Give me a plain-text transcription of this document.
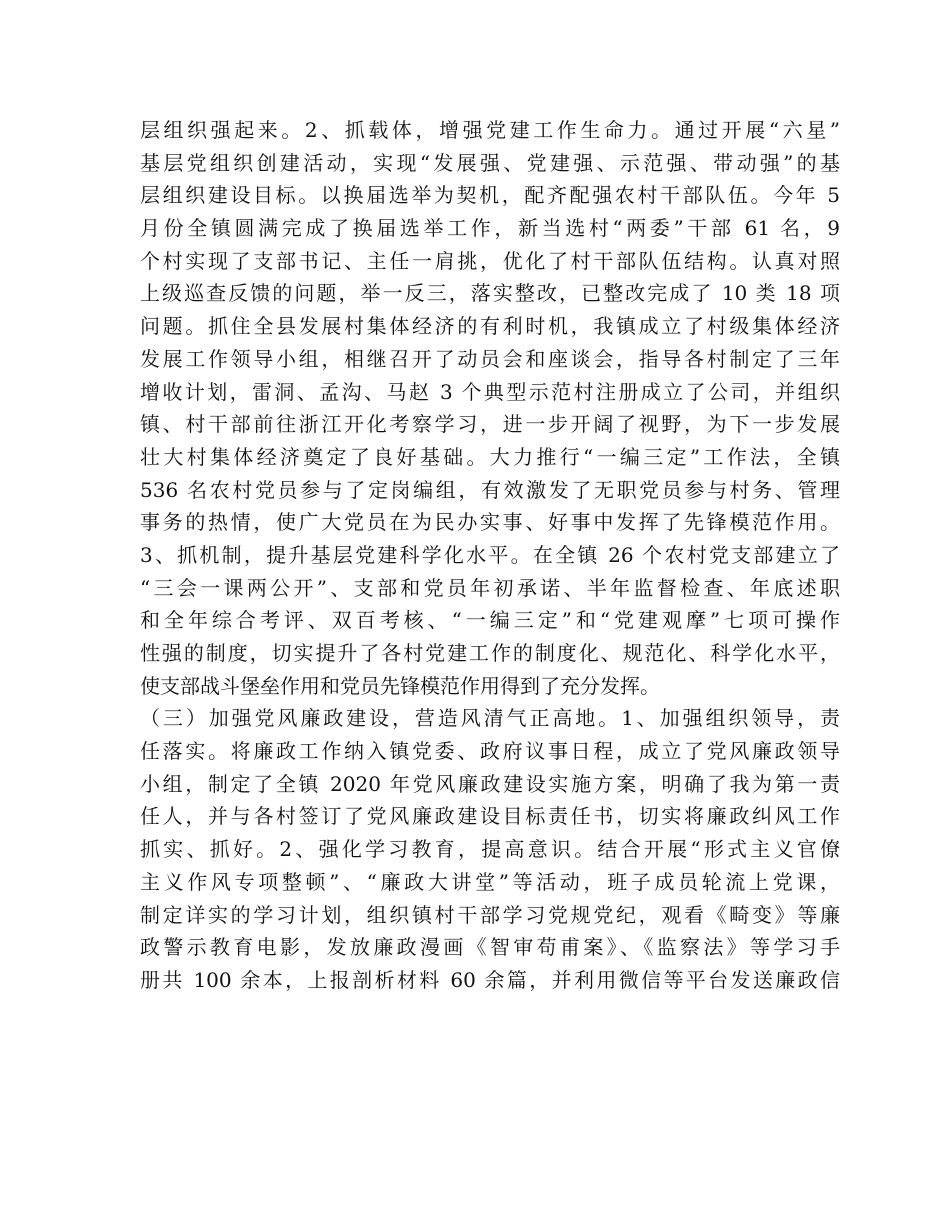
层组织强起来。2、抓载体，增强党建工作生命力。通过开展“六星”
基层党组织创建活动，实现“发展强、党建强、示范强、带动强”的基
层组织建设目标。以换届选举为契机，配齐配强农村干部队伍。今年 5
月份全镇圆满完成了换届选举工作，新当选村“两委”干部 61 名，9
个村实现了支部书记、主任一肩挑，优化了村干部队伍结构。认真对照
上级巡查反馈的问题，举一反三，落实整改，已整改完成了 10 类 18 项
问题。抓住全县发展村集体经济的有利时机，我镇成立了村级集体经济
发展工作领导小组，相继召开了动员会和座谈会，指导各村制定了三年
增收计划，雷洞、孟沟、马赵 3 个典型示范村注册成立了公司，并组织
镇、村干部前往浙江开化考察学习，进一步开阔了视野，为下一步发展
壮大村集体经济奠定了良好基础。大力推行“一编三定”工作法，全镇
536 名农村党员参与了定岗编组，有效激发了无职党员参与村务、管理
事务的热情，使广大党员在为民办实事、好事中发挥了先锋模范作用。
3、抓机制，提升基层党建科学化水平。在全镇 26 个农村党支部建立了
“三会一课两公开”、支部和党员年初承诺、半年监督检查、年底述职
和全年综合考评、双百考核、“一编三定”和“党建观摩”七项可操作
性强的制度，切实提升了各村党建工作的制度化、规范化、科学化水平，
使支部战斗堡垒作用和党员先锋模范作用得到了充分发挥。
（三）加强党风廉政建设，营造风清气正高地。1、加强组织领导，责
任落实。将廉政工作纳入镇党委、政府议事日程，成立了党风廉政领导
小组，制定了全镇 2020 年党风廉政建设实施方案，明确了我为第一责
任人，并与各村签订了党风廉政建设目标责任书，切实将廉政纠风工作
抓实、抓好。2、强化学习教育，提高意识。结合开展“形式主义官僚
主义作风专项整顿”、“廉政大讲堂”等活动，班子成员轮流上党课，
制定详实的学习计划，组织镇村干部学习党规党纪，观看《畸变》等廉
政警示教育电影，发放廉政漫画《智审苟甫案》、《监察法》等学习手
册共 100 余本，上报剖析材料 60 余篇，并利用微信等平台发送廉政信
